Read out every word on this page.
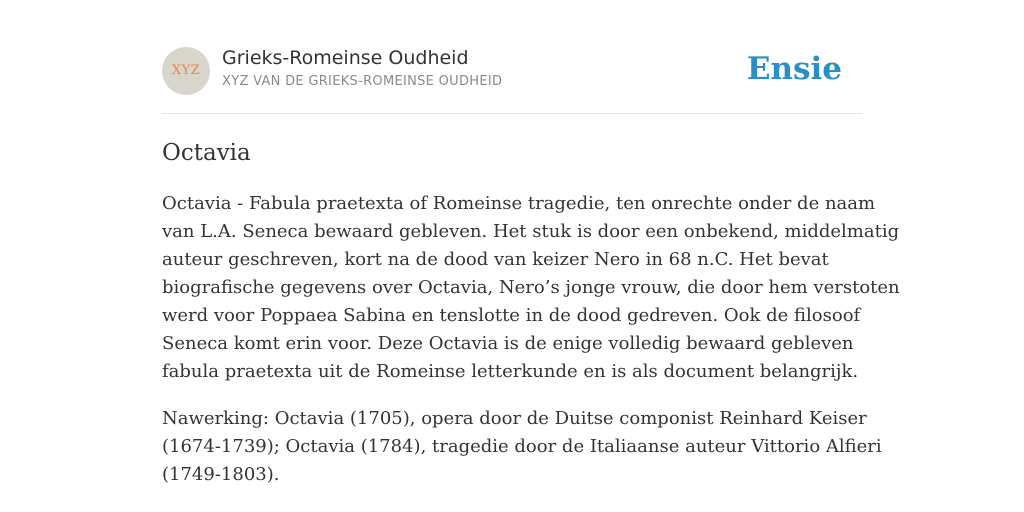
XYZ
Grieks-Romeinse Oudheid
XYZ VAN DE GRIEKS-ROMEINSE OUDHEID	Ensie
Octavia

Octavia - Fabula praetexta of Romeinse tragedie, ten onrechte onder de naam
van L.A. Seneca bewaard gebleven. Het stuk is door een onbekend, middelmatig
auteur geschreven, kort na de dood van keizer Nero in 68 n.C. Het bevat
biografische gegevens over Octavia, Nero’s jonge vrouw, die door hem verstoten
werd voor Poppaea Sabina en tenslotte in de dood gedreven. Ook de filosoof
Seneca komt erin voor. Deze Octavia is de enige volledig bewaard gebleven
fabula praetexta uit de Romeinse letterkunde en is als document belangrijk.

Nawerking: Octavia (1705), opera door de Duitse componist Reinhard Keiser
(1674-1739); Octavia (1784), tragedie door de Italiaanse auteur Vittorio Alfieri
(1749-1803).
